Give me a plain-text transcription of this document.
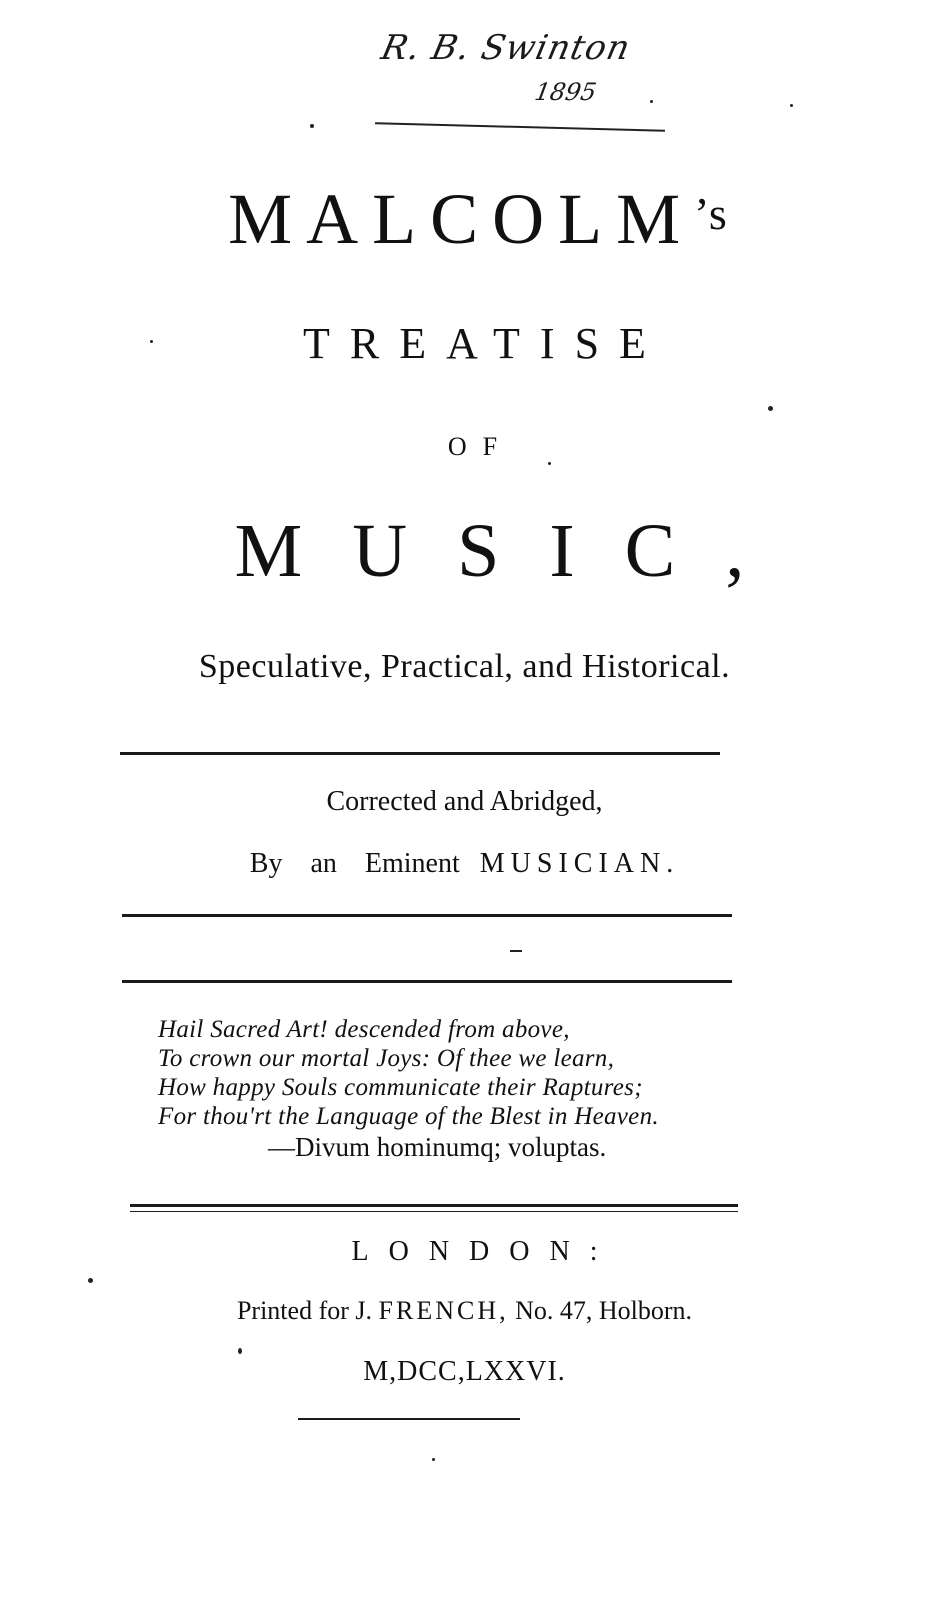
R. B. Swinton
1895
MALCOLM’s
TREATISE
OF
MUSIC,
Speculative, Practical, and Historical.
Corrected and Abridged,
By an Eminent MUSICIAN.
Hail Sacred Art! descended from above,
To crown our mortal Joys: Of thee we learn,
How happy Souls communicate their Raptures;
For thou'rt the Language of the Blest in Heaven.
—Divum hominumq; voluptas.
LONDON:
Printed for J. FRENCH, No. 47, Holborn.
M,DCC,LXXVI.
